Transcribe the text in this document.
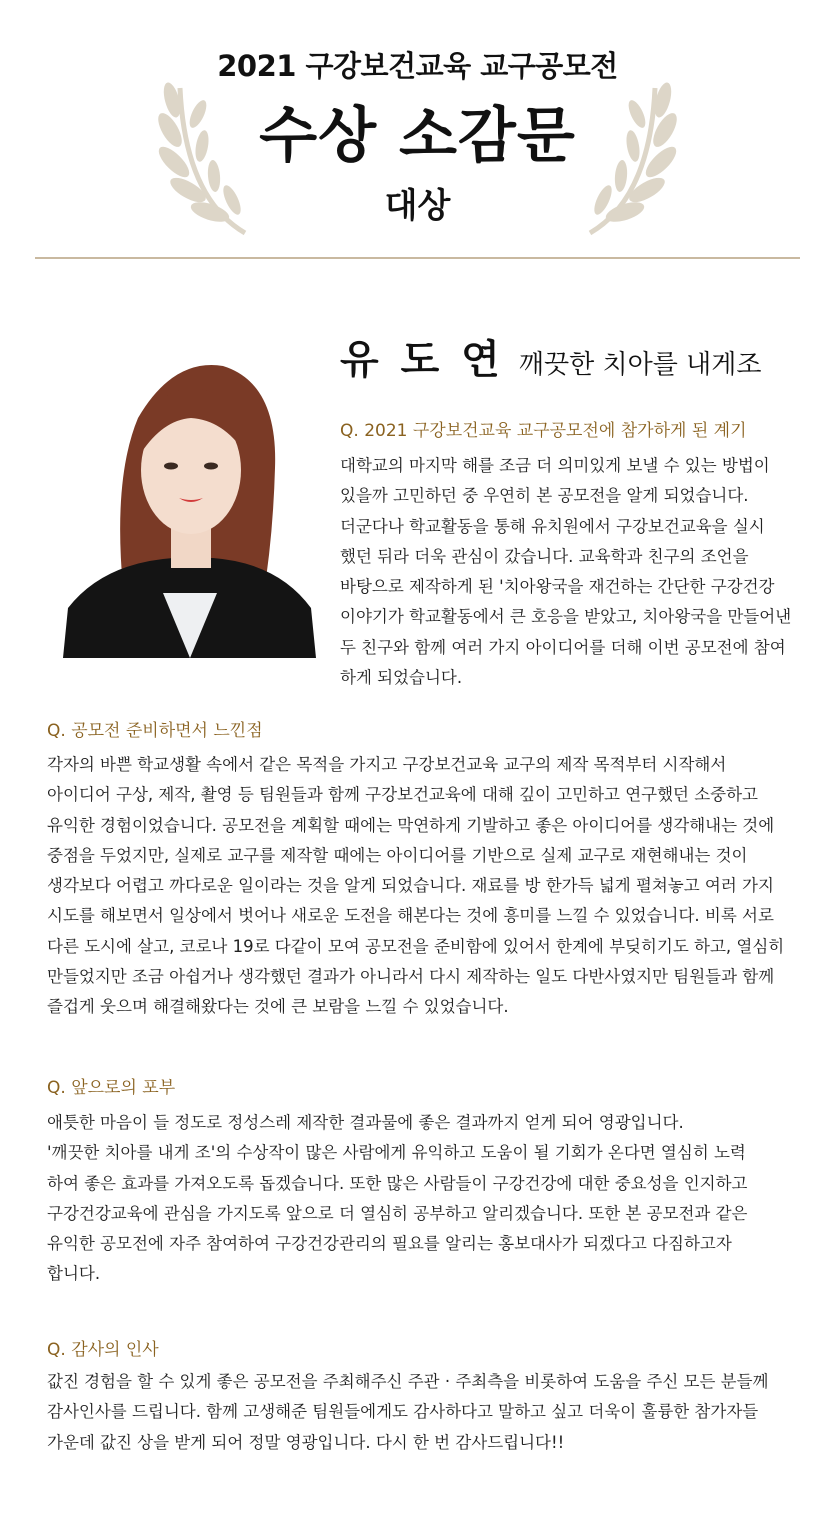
2021 구강보건교육 교구공모전
수상 소감문
대상
유 도 연 깨끗한 치아를 내게조
Q. 2021 구강보건교육 교구공모전에 참가하게 된 계기
대학교의 마지막 해를 조금 더 의미있게 보낼 수 있는 방법이
있을까 고민하던 중 우연히 본 공모전을 알게 되었습니다.
더군다나 학교활동을 통해 유치원에서 구강보건교육을 실시
했던 뒤라 더욱 관심이 갔습니다. 교육학과 친구의 조언을
바탕으로 제작하게 된 '치아왕국을 재건하는 간단한 구강건강
이야기가 학교활동에서 큰 호응을 받았고, 치아왕국을 만들어낸
두 친구와 함께 여러 가지 아이디어를 더해 이번 공모전에 참여
하게 되었습니다.
Q. 공모전 준비하면서 느낀점
각자의 바쁜 학교생활 속에서 같은 목적을 가지고 구강보건교육 교구의 제작 목적부터 시작해서
아이디어 구상, 제작, 촬영 등 팀원들과 함께 구강보건교육에 대해 깊이 고민하고 연구했던 소중하고
유익한 경험이었습니다. 공모전을 계획할 때에는 막연하게 기발하고 좋은 아이디어를 생각해내는 것에
중점을 두었지만, 실제로 교구를 제작할 때에는 아이디어를 기반으로 실제 교구로 재현해내는 것이
생각보다 어렵고 까다로운 일이라는 것을 알게 되었습니다. 재료를 방 한가득 넓게 펼쳐놓고 여러 가지
시도를 해보면서 일상에서 벗어나 새로운 도전을 해본다는 것에 흥미를 느낄 수 있었습니다. 비록 서로
다른 도시에 살고, 코로나 19로 다같이 모여 공모전을 준비함에 있어서 한계에 부딪히기도 하고, 열심히
만들었지만 조금 아쉽거나 생각했던 결과가 아니라서 다시 제작하는 일도 다반사였지만 팀원들과 함께
즐겁게 웃으며 해결해왔다는 것에 큰 보람을 느낄 수 있었습니다.
Q. 앞으로의 포부
애틋한 마음이 들 정도로 정성스레 제작한 결과물에 좋은 결과까지 얻게 되어 영광입니다.
'깨끗한 치아를 내게 조'의 수상작이 많은 사람에게 유익하고 도움이 될 기회가 온다면 열심히 노력
하여 좋은 효과를 가져오도록 돕겠습니다. 또한 많은 사람들이 구강건강에 대한 중요성을 인지하고
구강건강교육에 관심을 가지도록 앞으로 더 열심히 공부하고 알리겠습니다. 또한 본 공모전과 같은
유익한 공모전에 자주 참여하여 구강건강관리의 필요를 알리는 홍보대사가 되겠다고 다짐하고자
합니다.
Q. 감사의 인사
값진 경험을 할 수 있게 좋은 공모전을 주최해주신 주관 · 주최측을 비롯하여 도움을 주신 모든 분들께
감사인사를 드립니다. 함께 고생해준 팀원들에게도 감사하다고 말하고 싶고 더욱이 훌륭한 참가자들
가운데 값진 상을 받게 되어 정말 영광입니다. 다시 한 번 감사드립니다!!
